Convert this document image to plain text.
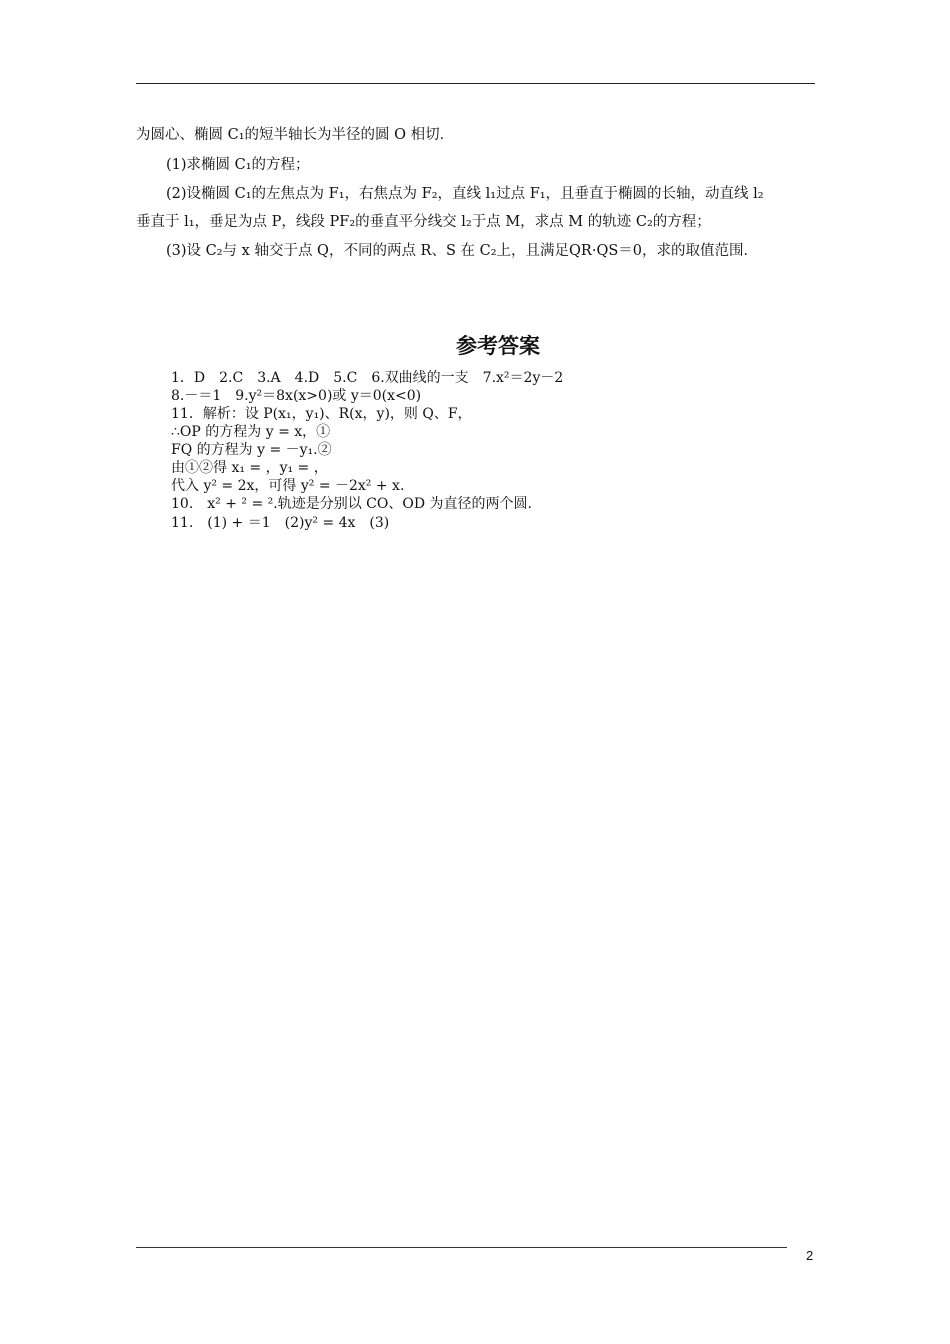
为圆心、椭圆 C₁的短半轴长为半径的圆 O 相切．
(1)求椭圆 C₁的方程；
(2)设椭圆 C₁的左焦点为 F₁，右焦点为 F₂，直线 l₁过点 F₁，且垂直于椭圆的长轴，动直线 l₂
垂直于 l₁，垂足为点 P，线段 PF₂的垂直平分线交 l₂于点 M，求点 M 的轨迹 C₂的方程；
(3)设 C₂与 x 轴交于点 Q，不同的两点 R、S 在 C₂上，且满足QR·QS＝0，求的取值范围．
参考答案
1．D　2.C　3.A　4.D　5.C　6.双曲线的一支　7.x²＝2y－2
8.－＝1　9.y²＝8x(x>0)或 y＝0(x<0)
11．解析：设 P(x₁，y₁)、R(x，y)，则 Q、F，
∴OP 的方程为 y = x，①
FQ 的方程为 y = －y₁.②
由①②得 x₁ = ，y₁ = ，
代入 y² = 2x，可得 y² = －2x² + x.
10.　x² + ² = ².轨迹是分别以 CO、OD 为直径的两个圆.
11.　(1) + ＝1　(2)y² = 4x　(3)
2
